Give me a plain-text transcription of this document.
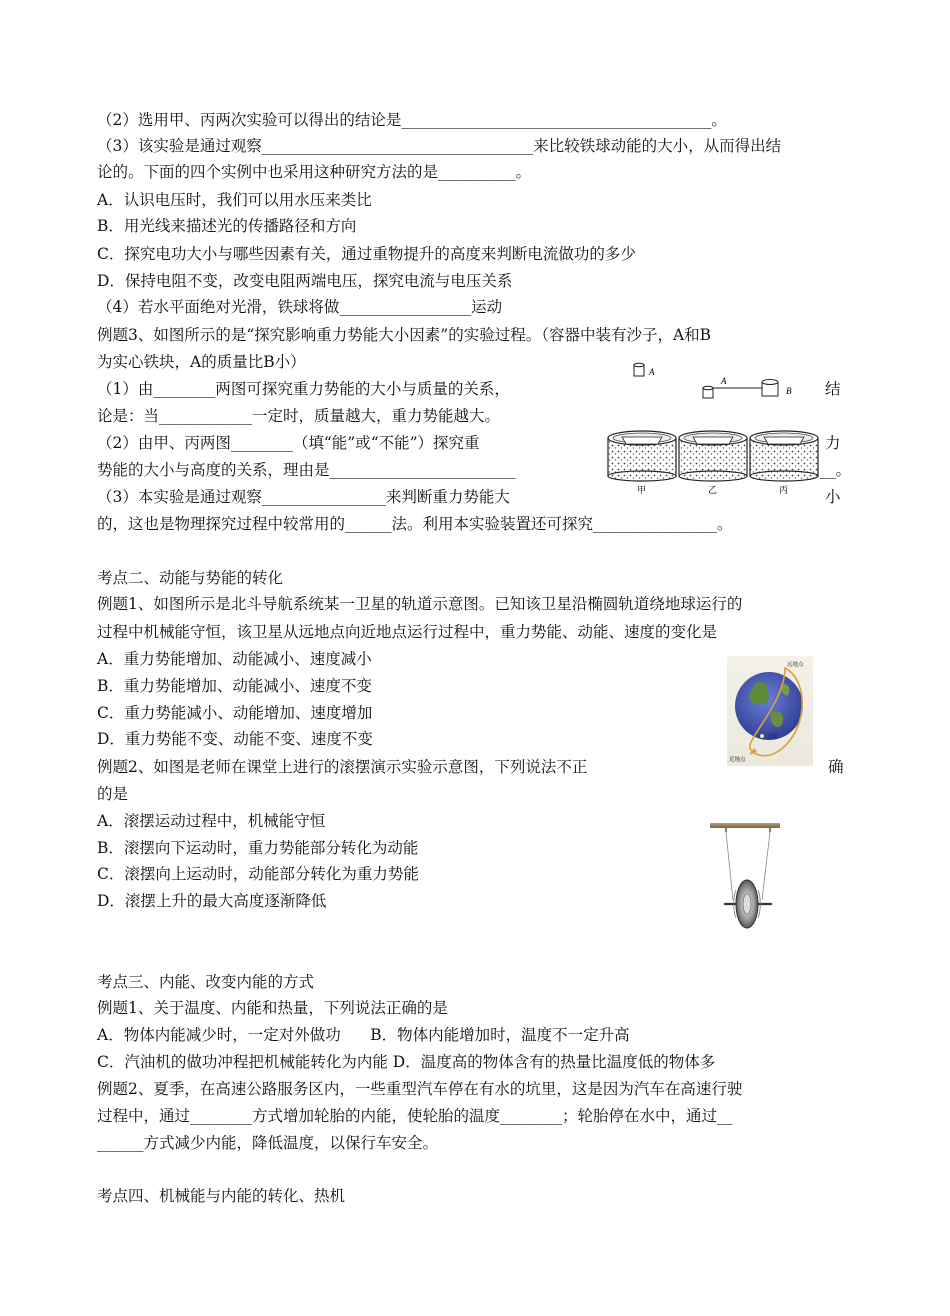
（2）选用甲、丙两次实验可以得出的结论是________________________________________。
（3）该实验是通过观察___________________________________来比较铁球动能的大小，从而得出结
论的。下面的四个实例中也采用这种研究方法的是__________。
A．认识电压时，我们可以用水压来类比
B．用光线来描述光的传播路径和方向
C．探究电功大小与哪些因素有关，通过重物提升的高度来判断电流做功的多少
D．保持电阻不变，改变电阻两端电压，探究电流与电压关系
（4）若水平面绝对光滑，铁球将做_________________运动
例题3、如图所示的是“探究影响重力势能大小因素”的实验过程。（容器中装有沙子，A和B
为实心铁块，A的质量比B小）
（1）由________两图可探究重力势能的大小与质量的关系，
论是：当____________一定时，质量越大，重力势能越大。
（2）由甲、丙两图________（填“能”或“不能”）探究重
势能的大小与高度的关系，理由是________________________
（3）本实验是通过观察________________来判断重力势能大
的，这也是物理探究过程中较常用的______法。利用本实验装置还可探究________________。
考点二、动能与势能的转化
例题1、如图所示是北斗导航系统某一卫星的轨道示意图。已知该卫星沿椭圆轨道绕地球运行的
过程中机械能守恒，该卫星从远地点向近地点运行过程中，重力势能、动能、速度的变化是
A．重力势能增加、动能减小、速度减小
B．重力势能增加、动能减小、速度不变
C．重力势能减小、动能增加、速度增加
D．重力势能不变、动能不变、速度不变
例题2、如图是老师在课堂上进行的滚摆演示实验示意图，下列说法不正
的是
A．滚摆运动过程中，机械能守恒
B．滚摆向下运动时，重力势能部分转化为动能
C．滚摆向上运动时，动能部分转化为重力势能
D．滚摆上升的最大高度逐渐降低
考点三、内能、改变内能的方式
例题1、关于温度、内能和热量，下列说法正确的是
A．物体内能减少时，一定对外做功      B．物体内能增加时，温度不一定升高
C．汽油机的做功冲程把机械能转化为内能 D．温度高的物体含有的热量比温度低的物体多
例题2、夏季，在高速公路服务区内，一些重型汽车停在有水的坑里，这是因为汽车在高速行驶
过程中，通过________方式增加轮胎的内能，使轮胎的温度________；轮胎停在水中，通过__
______方式减少内能，降低温度，以保行车安全。
考点四、机械能与内能的转化、热机
结
力
__。
小
确
A
A
B
甲	乙	丙
远地点
近地点
卫星
